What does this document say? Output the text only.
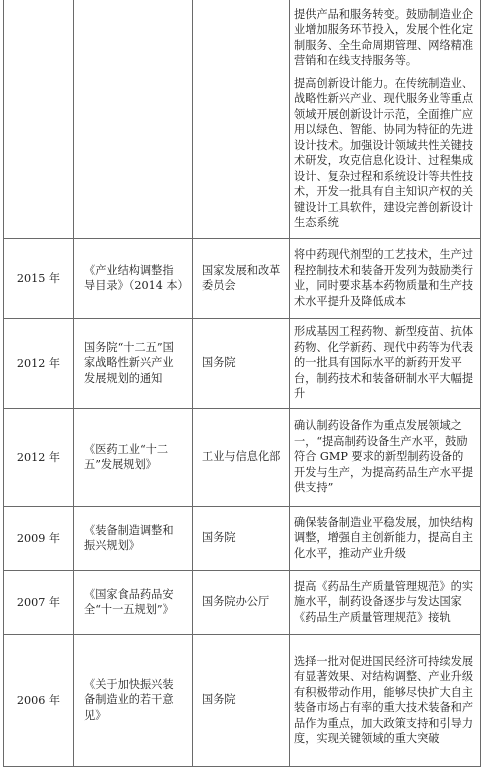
			提供产品和服务转变。鼓励制造业企业增加服务环节投入，发展个性化定制服务、全生命周期管理、网络精准营销和在线支持服务等。

提高创新设计能力。在传统制造业、战略性新兴产业、现代服务业等重点领域开展创新设计示范，全面推广应用以绿色、智能、协同为特征的先进设计技术。加强设计领域共性关键技术研发，攻克信息化设计、过程集成设计、复杂过程和系统设计等共性技术，开发一批具有自主知识产权的关键设计工具软件，建设完善创新设计生态系统

2015 年	《产业结构调整指导目录》（2014 本）	国家发展和改革委员会	将中药现代剂型的工艺技术，生产过程控制技术和装备开发列为鼓励类行业，同时要求基本药物质量和生产技术水平提升及降低成本

2012 年	国务院“十二五”国家战略性新兴产业发展规划的通知	国务院	形成基因工程药物、新型疫苗、抗体药物、化学新药、现代中药等为代表的一批具有国际水平的新药开发平台，制药技术和装备研制水平大幅提升

2012 年	《医药工业“十二五”发展规划》	工业与信息化部	确认制药设备作为重点发展领域之一，“提高制药设备生产水平，鼓励符合 GMP 要求的新型制药设备的开发与生产，为提高药品生产水平提供支持”

2009 年	《装备制造调整和振兴规划》	国务院	确保装备制造业平稳发展，加快结构调整，增强自主创新能力，提高自主化水平，推动产业升级

2007 年	《国家食品药品安全“十一五规划”》	国务院办公厅	提高《药品生产质量管理规范》的实施水平，制药设备逐步与发达国家《药品生产质量管理规范》接轨

2006 年	《关于加快振兴装备制造业的若干意见》	国务院	选择一批对促进国民经济可持续发展有显著效果、对结构调整、产业升级有积极带动作用，能够尽快扩大自主装备市场占有率的重大技术装备和产品作为重点，加大政策支持和引导力度，实现关键领域的重大突破
